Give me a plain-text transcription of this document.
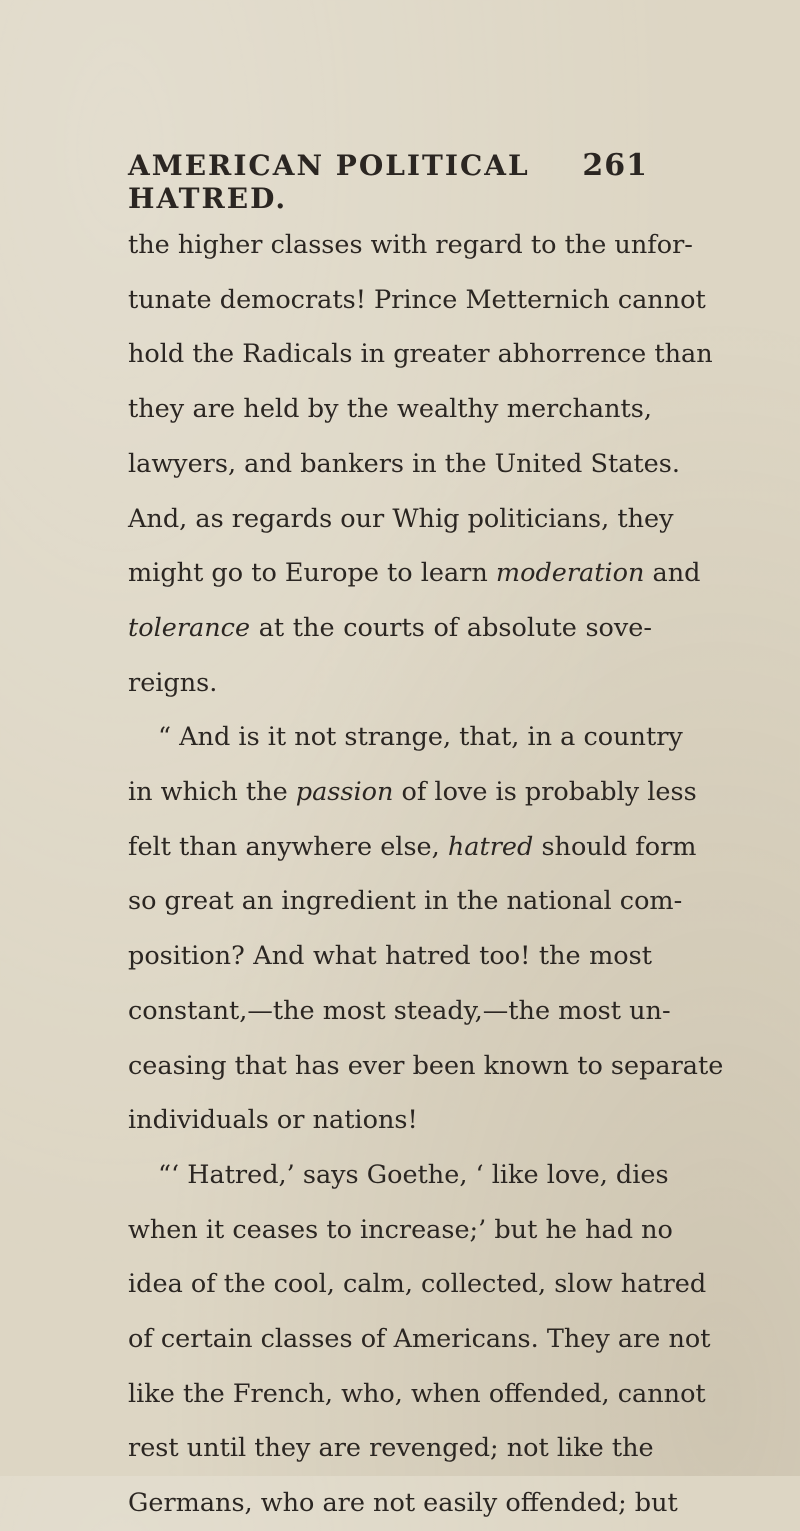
AMERICAN POLITICAL HATRED.
261
the higher classes with regard to the unfor-
tunate democrats! Prince Metternich cannot
hold the Radicals in greater abhorrence than
they are held by the wealthy merchants,
lawyers, and bankers in the United States.
And, as regards our Whig politicians, they
might go to Europe to learn moderation and
tolerance at the courts of absolute sove-
reigns.
“ And is it not strange, that, in a country
in which the passion of love is probably less
felt than anywhere else, hatred should form
so great an ingredient in the national com-
position? And what hatred too! the most
constant,—the most steady,—the most un-
ceasing that has ever been known to separate
individuals or nations!
“‘ Hatred,’ says Goethe, ‘ like love, dies
when it ceases to increase;’ but he had no
idea of the cool, calm, collected, slow hatred
of certain classes of Americans. They are not
like the French, who, when offended, cannot
rest until they are revenged; not like the
Germans, who are not easily offended; but
